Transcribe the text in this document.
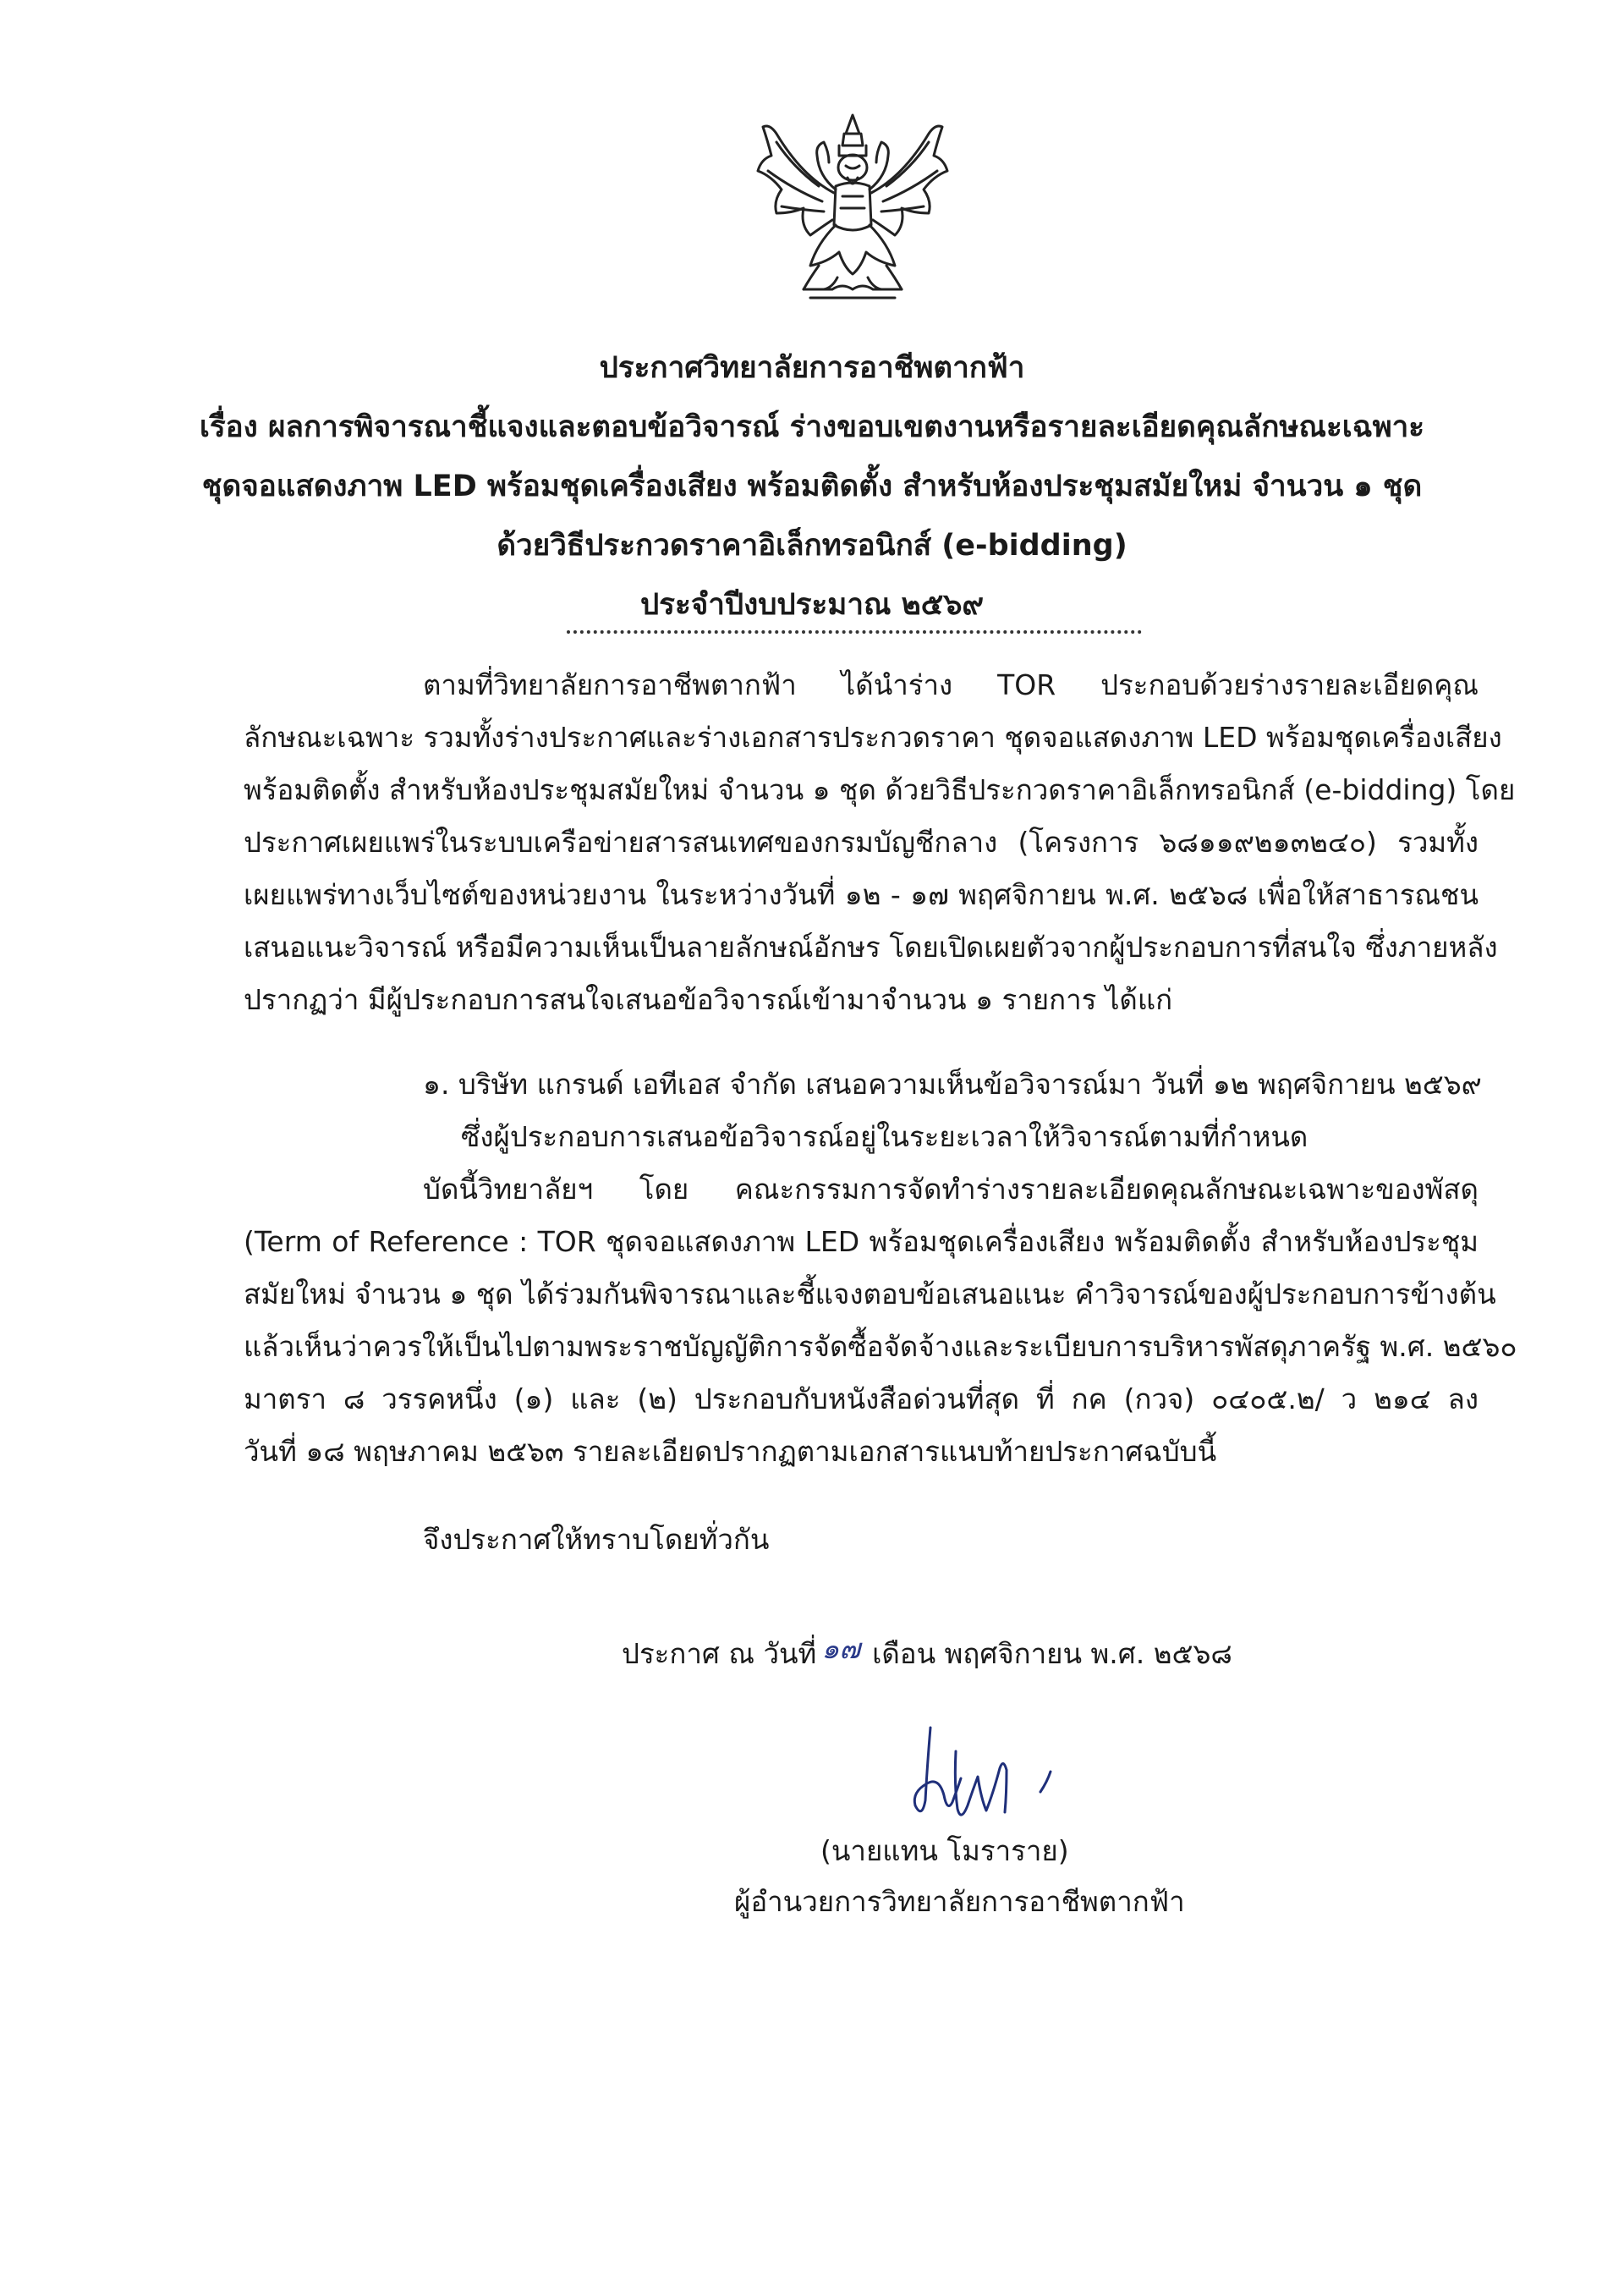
ประกาศวิทยาลัยการอาชีพตากฟ้า
เรื่อง ผลการพิจารณาชี้แจงและตอบข้อวิจารณ์ ร่างขอบเขตงานหรือรายละเอียดคุณลักษณะเฉพาะ
ชุดจอแสดงภาพ LED พร้อมชุดเครื่องเสียง พร้อมติดตั้ง สำหรับห้องประชุมสมัยใหม่ จำนวน ๑ ชุด
ด้วยวิธีประกวดราคาอิเล็กทรอนิกส์ (e-bidding)
ประจำปีงบประมาณ ๒๕๖๙
ตามที่วิทยาลัยการอาชีพตากฟ้า ได้นำร่าง TOR ประกอบด้วยร่างรายละเอียดคุณ
ลักษณะเฉพาะ รวมทั้งร่างประกาศและร่างเอกสารประกวดราคา ชุดจอแสดงภาพ LED พร้อมชุดเครื่องเสียง
พร้อมติดตั้ง สำหรับห้องประชุมสมัยใหม่ จำนวน ๑ ชุด ด้วยวิธีประกวดราคาอิเล็กทรอนิกส์ (e-bidding) โดย
ประกาศเผยแพร่ในระบบเครือข่ายสารสนเทศของกรมบัญชีกลาง (โครงการ ๖๘๑๑๙๒๑๓๒๔๐) รวมทั้ง
เผยแพร่ทางเว็บไซต์ของหน่วยงาน ในระหว่างวันที่ ๑๒ - ๑๗ พฤศจิกายน พ.ศ. ๒๕๖๘ เพื่อให้สาธารณชน
เสนอแนะวิจารณ์ หรือมีความเห็นเป็นลายลักษณ์อักษร โดยเปิดเผยตัวจากผู้ประกอบการที่สนใจ ซึ่งภายหลัง
ปรากฏว่า มีผู้ประกอบการสนใจเสนอข้อวิจารณ์เข้ามาจำนวน ๑ รายการ ได้แก่
๑. บริษัท แกรนด์ เอทีเอส จำกัด เสนอความเห็นข้อวิจารณ์มา วันที่ ๑๒ พฤศจิกายน ๒๕๖๙
ซึ่งผู้ประกอบการเสนอข้อวิจารณ์อยู่ในระยะเวลาให้วิจารณ์ตามที่กำหนด
บัดนี้วิทยาลัยฯ โดย คณะกรรมการจัดทำร่างรายละเอียดคุณลักษณะเฉพาะของพัสดุ
(Term of Reference : TOR ชุดจอแสดงภาพ LED พร้อมชุดเครื่องเสียง พร้อมติดตั้ง สำหรับห้องประชุม
สมัยใหม่ จำนวน ๑ ชุด ได้ร่วมกันพิจารณาและชี้แจงตอบข้อเสนอแนะ คำวิจารณ์ของผู้ประกอบการข้างต้น
แล้วเห็นว่าควรให้เป็นไปตามพระราชบัญญัติการจัดซื้อจัดจ้างและระเบียบการบริหารพัสดุภาครัฐ พ.ศ. ๒๕๖๐
มาตรา ๘ วรรคหนึ่ง (๑) และ (๒) ประกอบกับหนังสือด่วนที่สุด ที่ กค (กวจ) ๐๔๐๕.๒/ ว ๒๑๔ ลง
วันที่ ๑๘ พฤษภาคม ๒๕๖๓ รายละเอียดปรากฏตามเอกสารแนบท้ายประกาศฉบับนี้
จึงประกาศให้ทราบโดยทั่วกัน
ประกาศ ณ วันที่ ๑๗ เดือน พฤศจิกายน พ.ศ. ๒๕๖๘
(นายแทน โมราราย)
ผู้อำนวยการวิทยาลัยการอาชีพตากฟ้า
